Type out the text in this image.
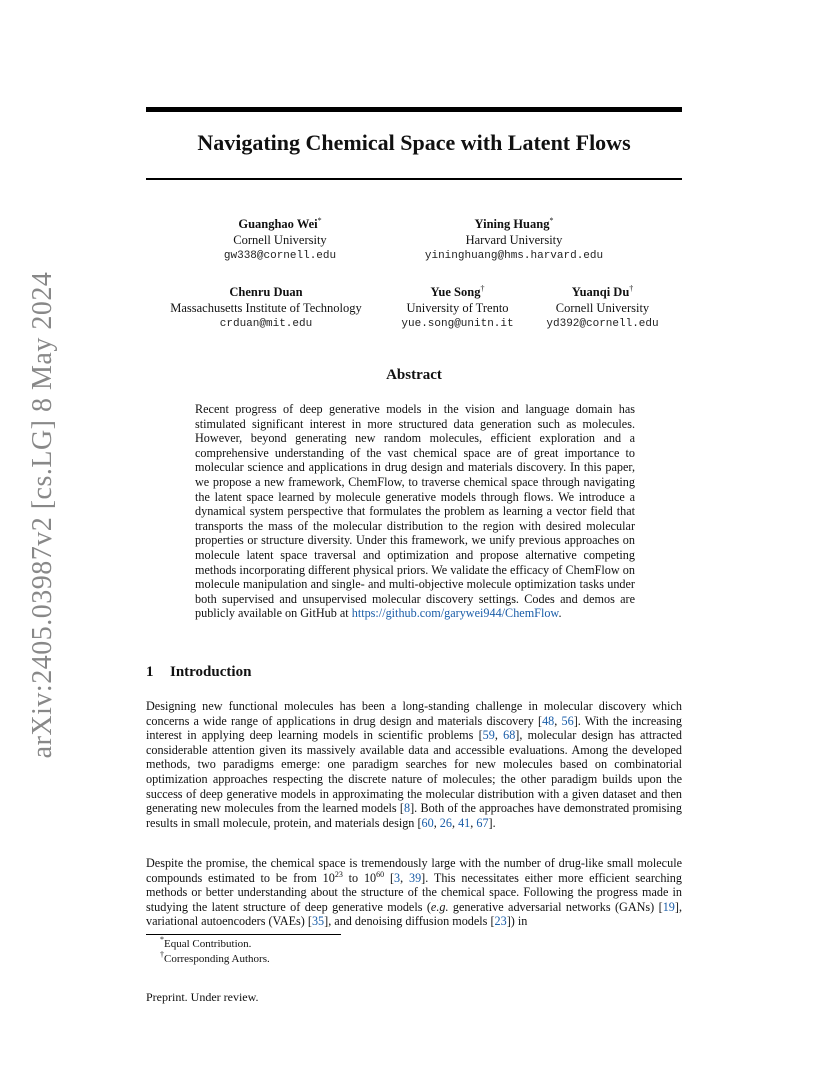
arXiv:2405.03987v2 [cs.LG] 8 May 2024
Navigating Chemical Space with Latent Flows
Guanghao Wei*
Cornell University
gw338@cornell.edu
Yining Huang*
Harvard University
yininghuang@hms.harvard.edu
Chenru Duan
Massachusetts Institute of Technology
crduan@mit.edu
Yue Song†
University of Trento
yue.song@unitn.it
Yuanqi Du†
Cornell University
yd392@cornell.edu
Abstract
Recent progress of deep generative models in the vision and language domain has stimulated significant interest in more structured data generation such as molecules. However, beyond generating new random molecules, efficient exploration and a comprehensive understanding of the vast chemical space are of great importance to molecular science and applications in drug design and materials discovery. In this paper, we propose a new framework, ChemFlow, to traverse chemical space through navigating the latent space learned by molecule generative models through flows. We introduce a dynamical system perspective that formulates the problem as learning a vector field that transports the mass of the molecular distribution to the region with desired molecular properties or structure diversity. Under this framework, we unify previous approaches on molecule latent space traversal and optimization and propose alternative competing methods incorporating different physical priors. We validate the efficacy of ChemFlow on molecule manipulation and single- and multi-objective molecule optimization tasks under both supervised and unsupervised molecular discovery settings. Codes and demos are publicly available on GitHub at https://github.com/garywei944/ChemFlow.
1 Introduction
Designing new functional molecules has been a long-standing challenge in molecular discovery which concerns a wide range of applications in drug design and materials discovery [48, 56]. With the increasing interest in applying deep learning models in scientific problems [59, 68], molecular design has attracted considerable attention given its massively available data and accessible evaluations. Among the developed methods, two paradigms emerge: one paradigm searches for new molecules based on combinatorial optimization approaches respecting the discrete nature of molecules; the other paradigm builds upon the success of deep generative models in approximating the molecular distribution with a given dataset and then generating new molecules from the learned models [8]. Both of the approaches have demonstrated promising results in small molecule, protein, and materials design [60, 26, 41, 67].
Despite the promise, the chemical space is tremendously large with the number of drug-like small molecule compounds estimated to be from $10^{23}$ to $10^{60}$ [3, 39]. This necessitates either more efficient searching methods or better understanding about the structure of the chemical space. Following the progress made in studying the latent structure of deep generative models (e.g. generative adversarial networks (GANs) [19], variational autoencoders (VAEs) [35], and denoising diffusion models [23]) in
*Equal Contribution.
†Corresponding Authors.
Preprint. Under review.
